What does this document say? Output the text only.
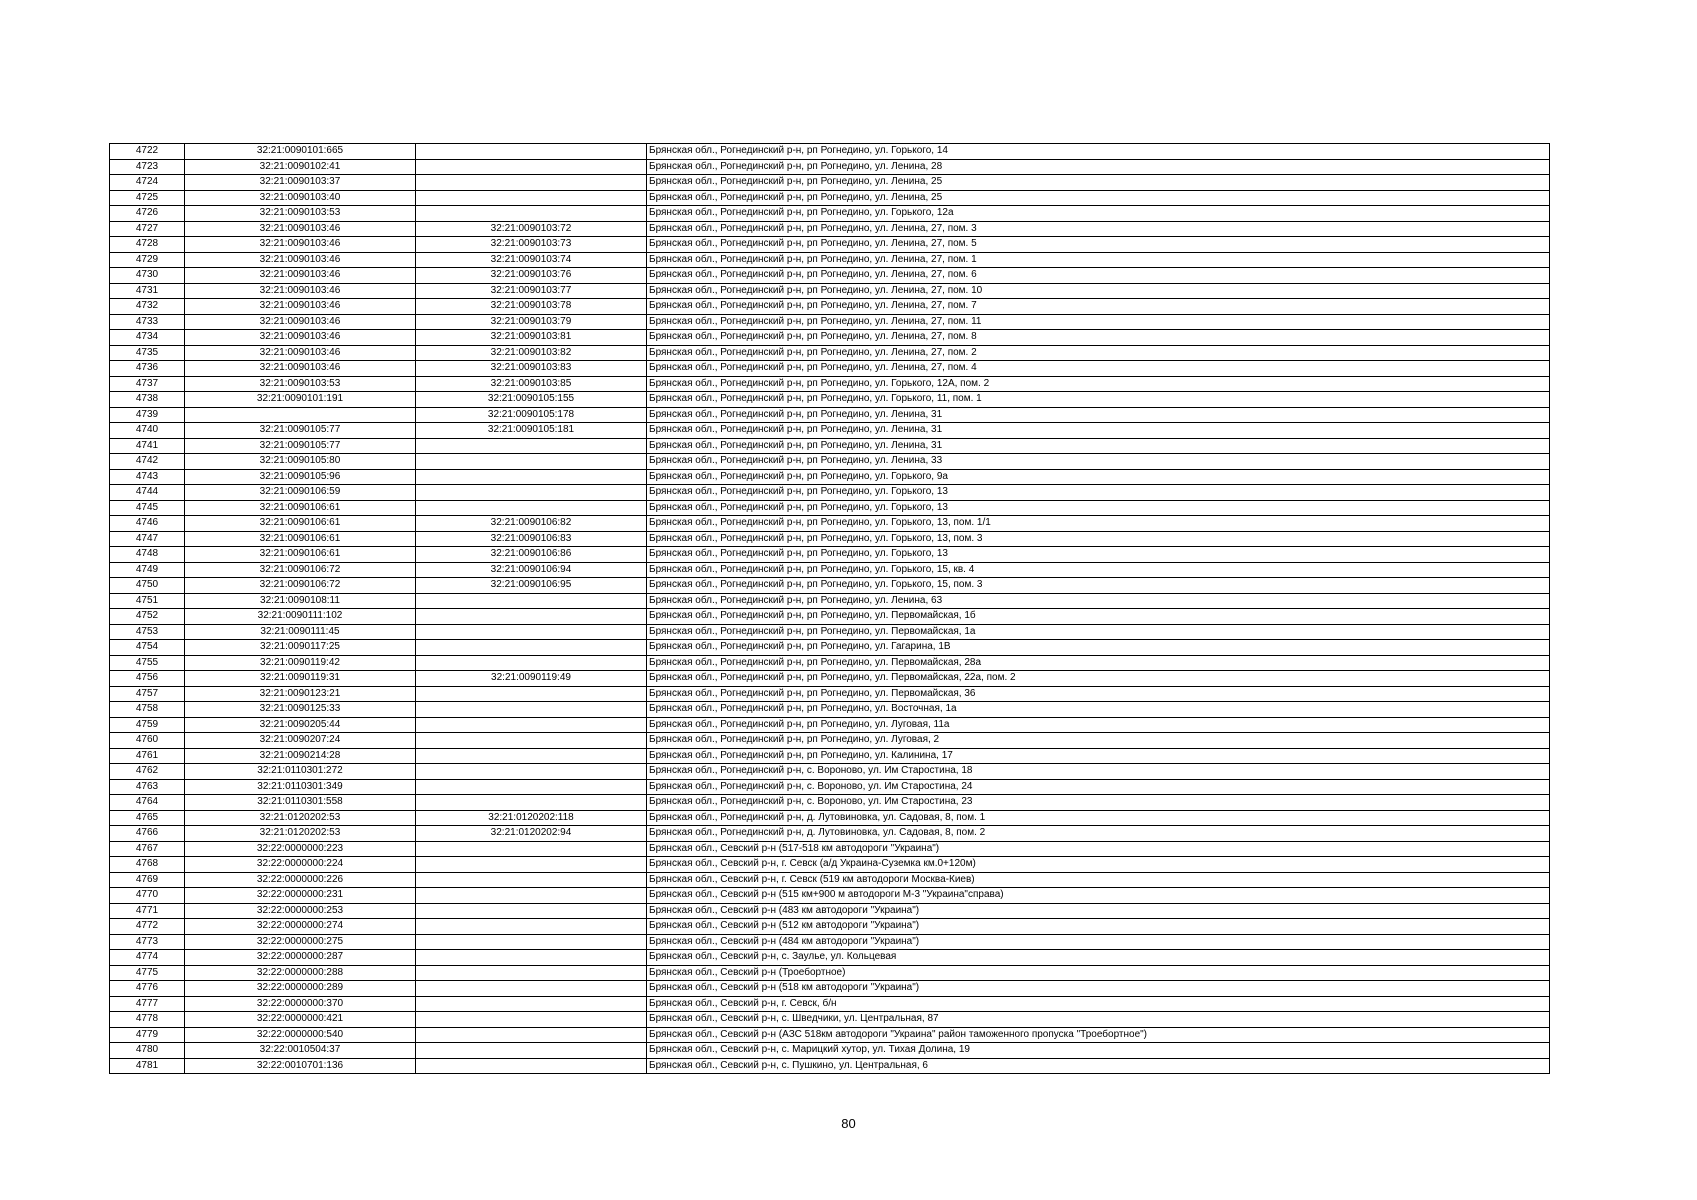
4722	32:21:0090101:665		Брянская обл., Рогнединский р-н, рп Рогнедино, ул. Горького, 14
4723	32:21:0090102:41		Брянская обл., Рогнединский р-н, рп Рогнедино, ул. Ленина, 28
4724	32:21:0090103:37		Брянская обл., Рогнединский р-н, рп Рогнедино, ул. Ленина, 25
4725	32:21:0090103:40		Брянская обл., Рогнединский р-н, рп Рогнедино, ул. Ленина, 25
4726	32:21:0090103:53		Брянская обл., Рогнединский р-н, рп Рогнедино, ул. Горького, 12а
4727	32:21:0090103:46	32:21:0090103:72	Брянская обл., Рогнединский р-н, рп Рогнедино, ул. Ленина, 27, пом. 3
4728	32:21:0090103:46	32:21:0090103:73	Брянская обл., Рогнединский р-н, рп Рогнедино, ул. Ленина, 27, пом. 5
4729	32:21:0090103:46	32:21:0090103:74	Брянская обл., Рогнединский р-н, рп Рогнедино, ул. Ленина, 27, пом. 1
4730	32:21:0090103:46	32:21:0090103:76	Брянская обл., Рогнединский р-н, рп Рогнедино, ул. Ленина, 27, пом. 6
4731	32:21:0090103:46	32:21:0090103:77	Брянская обл., Рогнединский р-н, рп Рогнедино, ул. Ленина, 27, пом. 10
4732	32:21:0090103:46	32:21:0090103:78	Брянская обл., Рогнединский р-н, рп Рогнедино, ул. Ленина, 27, пом. 7
4733	32:21:0090103:46	32:21:0090103:79	Брянская обл., Рогнединский р-н, рп Рогнедино, ул. Ленина, 27, пом. 11
4734	32:21:0090103:46	32:21:0090103:81	Брянская обл., Рогнединский р-н, рп Рогнедино, ул. Ленина, 27, пом. 8
4735	32:21:0090103:46	32:21:0090103:82	Брянская обл., Рогнединский р-н, рп Рогнедино, ул. Ленина, 27, пом. 2
4736	32:21:0090103:46	32:21:0090103:83	Брянская обл., Рогнединский р-н, рп Рогнедино, ул. Ленина, 27, пом. 4
4737	32:21:0090103:53	32:21:0090103:85	Брянская обл., Рогнединский р-н, рп Рогнедино, ул. Горького, 12А, пом. 2
4738	32:21:0090101:191	32:21:0090105:155	Брянская обл., Рогнединский р-н, рп Рогнедино, ул. Горького, 11, пом. 1
4739		32:21:0090105:178	Брянская обл., Рогнединский р-н, рп Рогнедино, ул. Ленина, 31
4740	32:21:0090105:77	32:21:0090105:181	Брянская обл., Рогнединский р-н, рп Рогнедино, ул. Ленина, 31
4741	32:21:0090105:77		Брянская обл., Рогнединский р-н, рп Рогнедино, ул. Ленина, 31
4742	32:21:0090105:80		Брянская обл., Рогнединский р-н, рп Рогнедино, ул. Ленина, 33
4743	32:21:0090105:96		Брянская обл., Рогнединский р-н, рп Рогнедино, ул. Горького, 9а
4744	32:21:0090106:59		Брянская обл., Рогнединский р-н, рп Рогнедино, ул. Горького, 13
4745	32:21:0090106:61		Брянская обл., Рогнединский р-н, рп Рогнедино, ул. Горького, 13
4746	32:21:0090106:61	32:21:0090106:82	Брянская обл., Рогнединский р-н, рп Рогнедино, ул. Горького, 13, пом. 1/1
4747	32:21:0090106:61	32:21:0090106:83	Брянская обл., Рогнединский р-н, рп Рогнедино, ул. Горького, 13, пом. 3
4748	32:21:0090106:61	32:21:0090106:86	Брянская обл., Рогнединский р-н, рп Рогнедино, ул. Горького, 13
4749	32:21:0090106:72	32:21:0090106:94	Брянская обл., Рогнединский р-н, рп Рогнедино, ул. Горького, 15, кв. 4
4750	32:21:0090106:72	32:21:0090106:95	Брянская обл., Рогнединский р-н, рп Рогнедино, ул. Горького, 15, пом. 3
4751	32:21:0090108:11		Брянская обл., Рогнединский р-н, рп Рогнедино, ул. Ленина, 63
4752	32:21:0090111:102		Брянская обл., Рогнединский р-н, рп Рогнедино, ул. Первомайская, 1б
4753	32:21:0090111:45		Брянская обл., Рогнединский р-н, рп Рогнедино, ул. Первомайская, 1а
4754	32:21:0090117:25		Брянская обл., Рогнединский р-н, рп Рогнедино, ул. Гагарина, 1В
4755	32:21:0090119:42		Брянская обл., Рогнединский р-н, рп Рогнедино, ул. Первомайская, 28а
4756	32:21:0090119:31	32:21:0090119:49	Брянская обл., Рогнединский р-н, рп Рогнедино, ул. Первомайская, 22а, пом. 2
4757	32:21:0090123:21		Брянская обл., Рогнединский р-н, рп Рогнедино, ул. Первомайская, 36
4758	32:21:0090125:33		Брянская обл., Рогнединский р-н, рп Рогнедино, ул. Восточная, 1а
4759	32:21:0090205:44		Брянская обл., Рогнединский р-н, рп Рогнедино, ул. Луговая, 11а
4760	32:21:0090207:24		Брянская обл., Рогнединский р-н, рп Рогнедино, ул. Луговая, 2
4761	32:21:0090214:28		Брянская обл., Рогнединский р-н, рп Рогнедино, ул. Калинина, 17
4762	32:21:0110301:272		Брянская обл., Рогнединский р-н, с. Вороново, ул. Им Старостина, 18
4763	32:21:0110301:349		Брянская обл., Рогнединский р-н, с. Вороново, ул. Им Старостина, 24
4764	32:21:0110301:558		Брянская обл., Рогнединский р-н, с. Вороново, ул. Им Старостина, 23
4765	32:21:0120202:53	32:21:0120202:118	Брянская обл., Рогнединский р-н, д. Лутовиновка, ул. Садовая, 8, пом. 1
4766	32:21:0120202:53	32:21:0120202:94	Брянская обл., Рогнединский р-н, д. Лутовиновка, ул. Садовая, 8, пом. 2
4767	32:22:0000000:223		Брянская обл., Севский р-н (517-518 км автодороги "Украина")
4768	32:22:0000000:224		Брянская обл., Севский р-н, г. Севск (а/д Украина-Суземка км.0+120м)
4769	32:22:0000000:226		Брянская обл., Севский р-н, г. Севск (519 км автодороги Москва-Киев)
4770	32:22:0000000:231		Брянская обл., Севский р-н (515 км+900 м автодороги М-3 "Украина"справа)
4771	32:22:0000000:253		Брянская обл., Севский р-н (483 км автодороги "Украина")
4772	32:22:0000000:274		Брянская обл., Севский р-н (512 км автодороги "Украина")
4773	32:22:0000000:275		Брянская обл., Севский р-н (484 км автодороги "Украина")
4774	32:22:0000000:287		Брянская обл., Севский р-н, с. Заулье, ул. Кольцевая
4775	32:22:0000000:288		Брянская обл., Севский р-н (Троебортное)
4776	32:22:0000000:289		Брянская обл., Севский р-н (518 км автодороги "Украина")
4777	32:22:0000000:370		Брянская обл., Севский р-н, г. Севск, б/н
4778	32:22:0000000:421		Брянская обл., Севский р-н, с. Шведчики, ул. Центральная, 87
4779	32:22:0000000:540		Брянская обл., Севский р-н (АЗС 518км автодороги "Украина" район таможенного пропуска "Троебортное")
4780	32:22:0010504:37		Брянская обл., Севский р-н, с. Марицкий хутор, ул. Тихая Долина, 19
4781	32:22:0010701:136		Брянская обл., Севский р-н, с. Пушкино, ул. Центральная, 6
80
